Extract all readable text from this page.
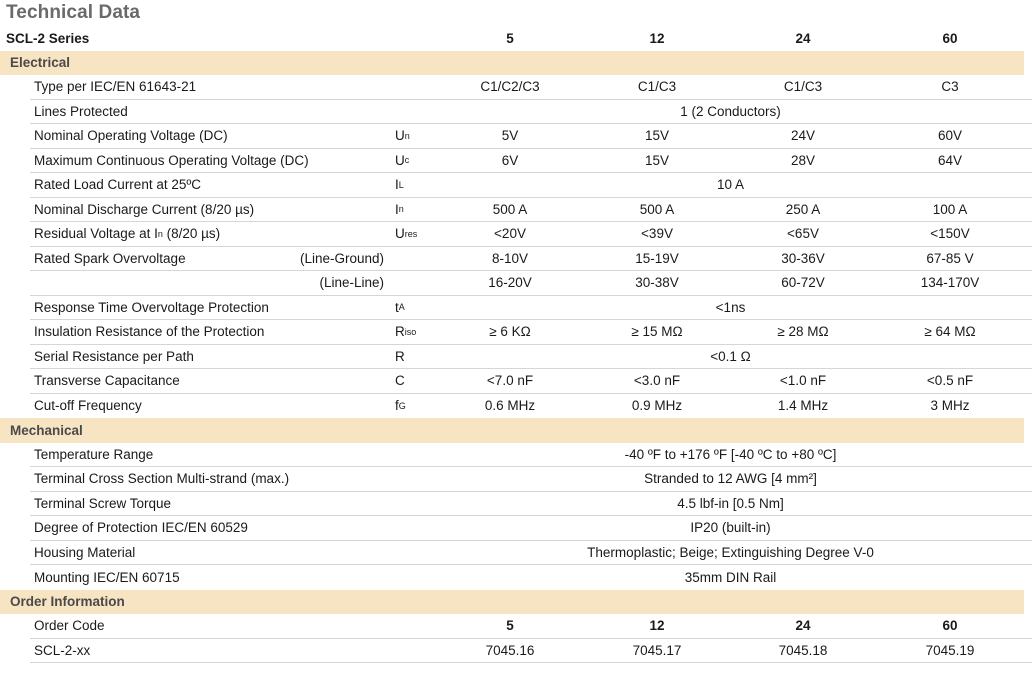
Technical Data
SCL-2 Series	5	12	24	60
Electrical
Type per IEC/EN 61643-21	C1/C2/C3	C1/C3	C1/C3	C3
Lines Protected	1 (2 Conductors)
Nominal Operating Voltage (DC)	U n	5V	15V	24V	60V
Maximum Continuous Operating Voltage (DC)	U c	6V	15V	28V	64V
Rated Load Current at 25ºC	I L	10 A
Nominal Discharge Current (8/20 µs)	I n	500 A	500 A	250 A	100 A
Residual Voltage at I n (8/20 µs)	U res	<20V	<39V	<65V	<150V
Rated Spark Overvoltage	(Line-Ground)	8-10V	15-19V	30-36V	67-85 V
(Line-Line)	16-20V	30-38V	60-72V	134-170V
Response Time Overvoltage Protection	t A	<1ns
Insulation Resistance of the Protection	R iso	≥ 6 KΩ	≥ 15 MΩ	≥ 28 MΩ	≥ 64 MΩ
Serial Resistance per Path	R	<0.1 Ω
Transverse Capacitance	C	<7.0 nF	<3.0 nF	<1.0 nF	<0.5 nF
Cut-off Frequency	f G	0.6 MHz	0.9 MHz	1.4 MHz	3 MHz
Mechanical
Temperature Range	-40 ºF to +176 ºF [-40 ºC to +80 ºC]
Terminal Cross Section Multi-strand (max.)	Stranded to 12 AWG [4 mm²]
Terminal Screw Torque	4.5 lbf-in [0.5 Nm]
Degree of Protection IEC/EN 60529	IP20 (built-in)
Housing Material	Thermoplastic; Beige; Extinguishing Degree V-0
Mounting IEC/EN 60715	35mm DIN Rail
Order Information
Order Code	5	12	24	60
SCL-2-xx	7045.16	7045.17	7045.18	7045.19
